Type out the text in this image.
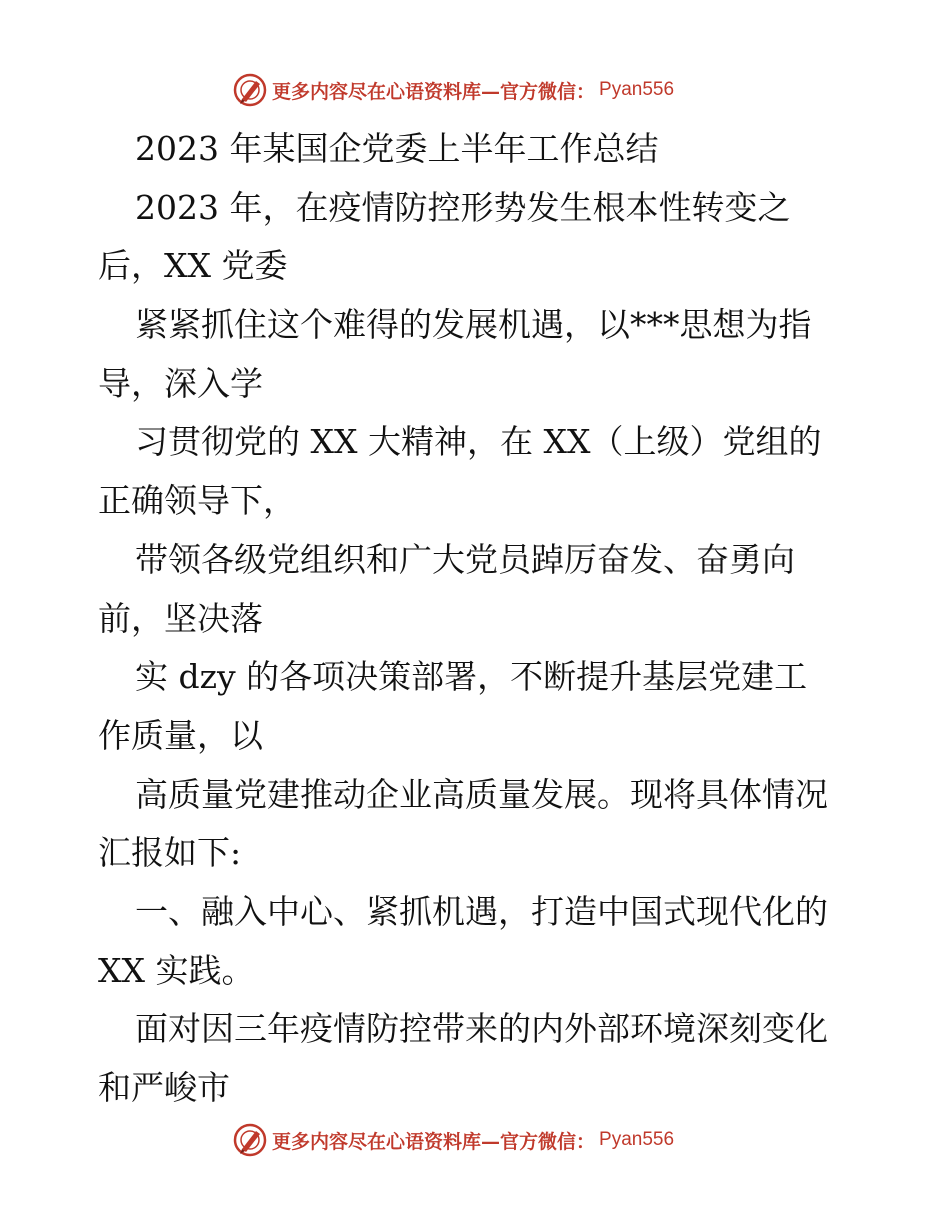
更多内容尽在心语资料库—官方微信： Pyan556
2023 年某国企党委上半年工作总结
2023 年，在疫情防控形势发生根本性转变之
后，XX 党委
紧紧抓住这个难得的发展机遇，以***思想为指
导，深入学
习贯彻党的 XX 大精神，在 XX（上级）党组的
正确领导下，
带领各级党组织和广大党员踔厉奋发、奋勇向
前，坚决落
实 dzy 的各项决策部署，不断提升基层党建工
作质量，以
高质量党建推动企业高质量发展。现将具体情况
汇报如下:
一、融入中心、紧抓机遇，打造中国式现代化的
XX 实践。
面对因三年疫情防控带来的内外部环境深刻变化
和严峻市
更多内容尽在心语资料库—官方微信： Pyan556
